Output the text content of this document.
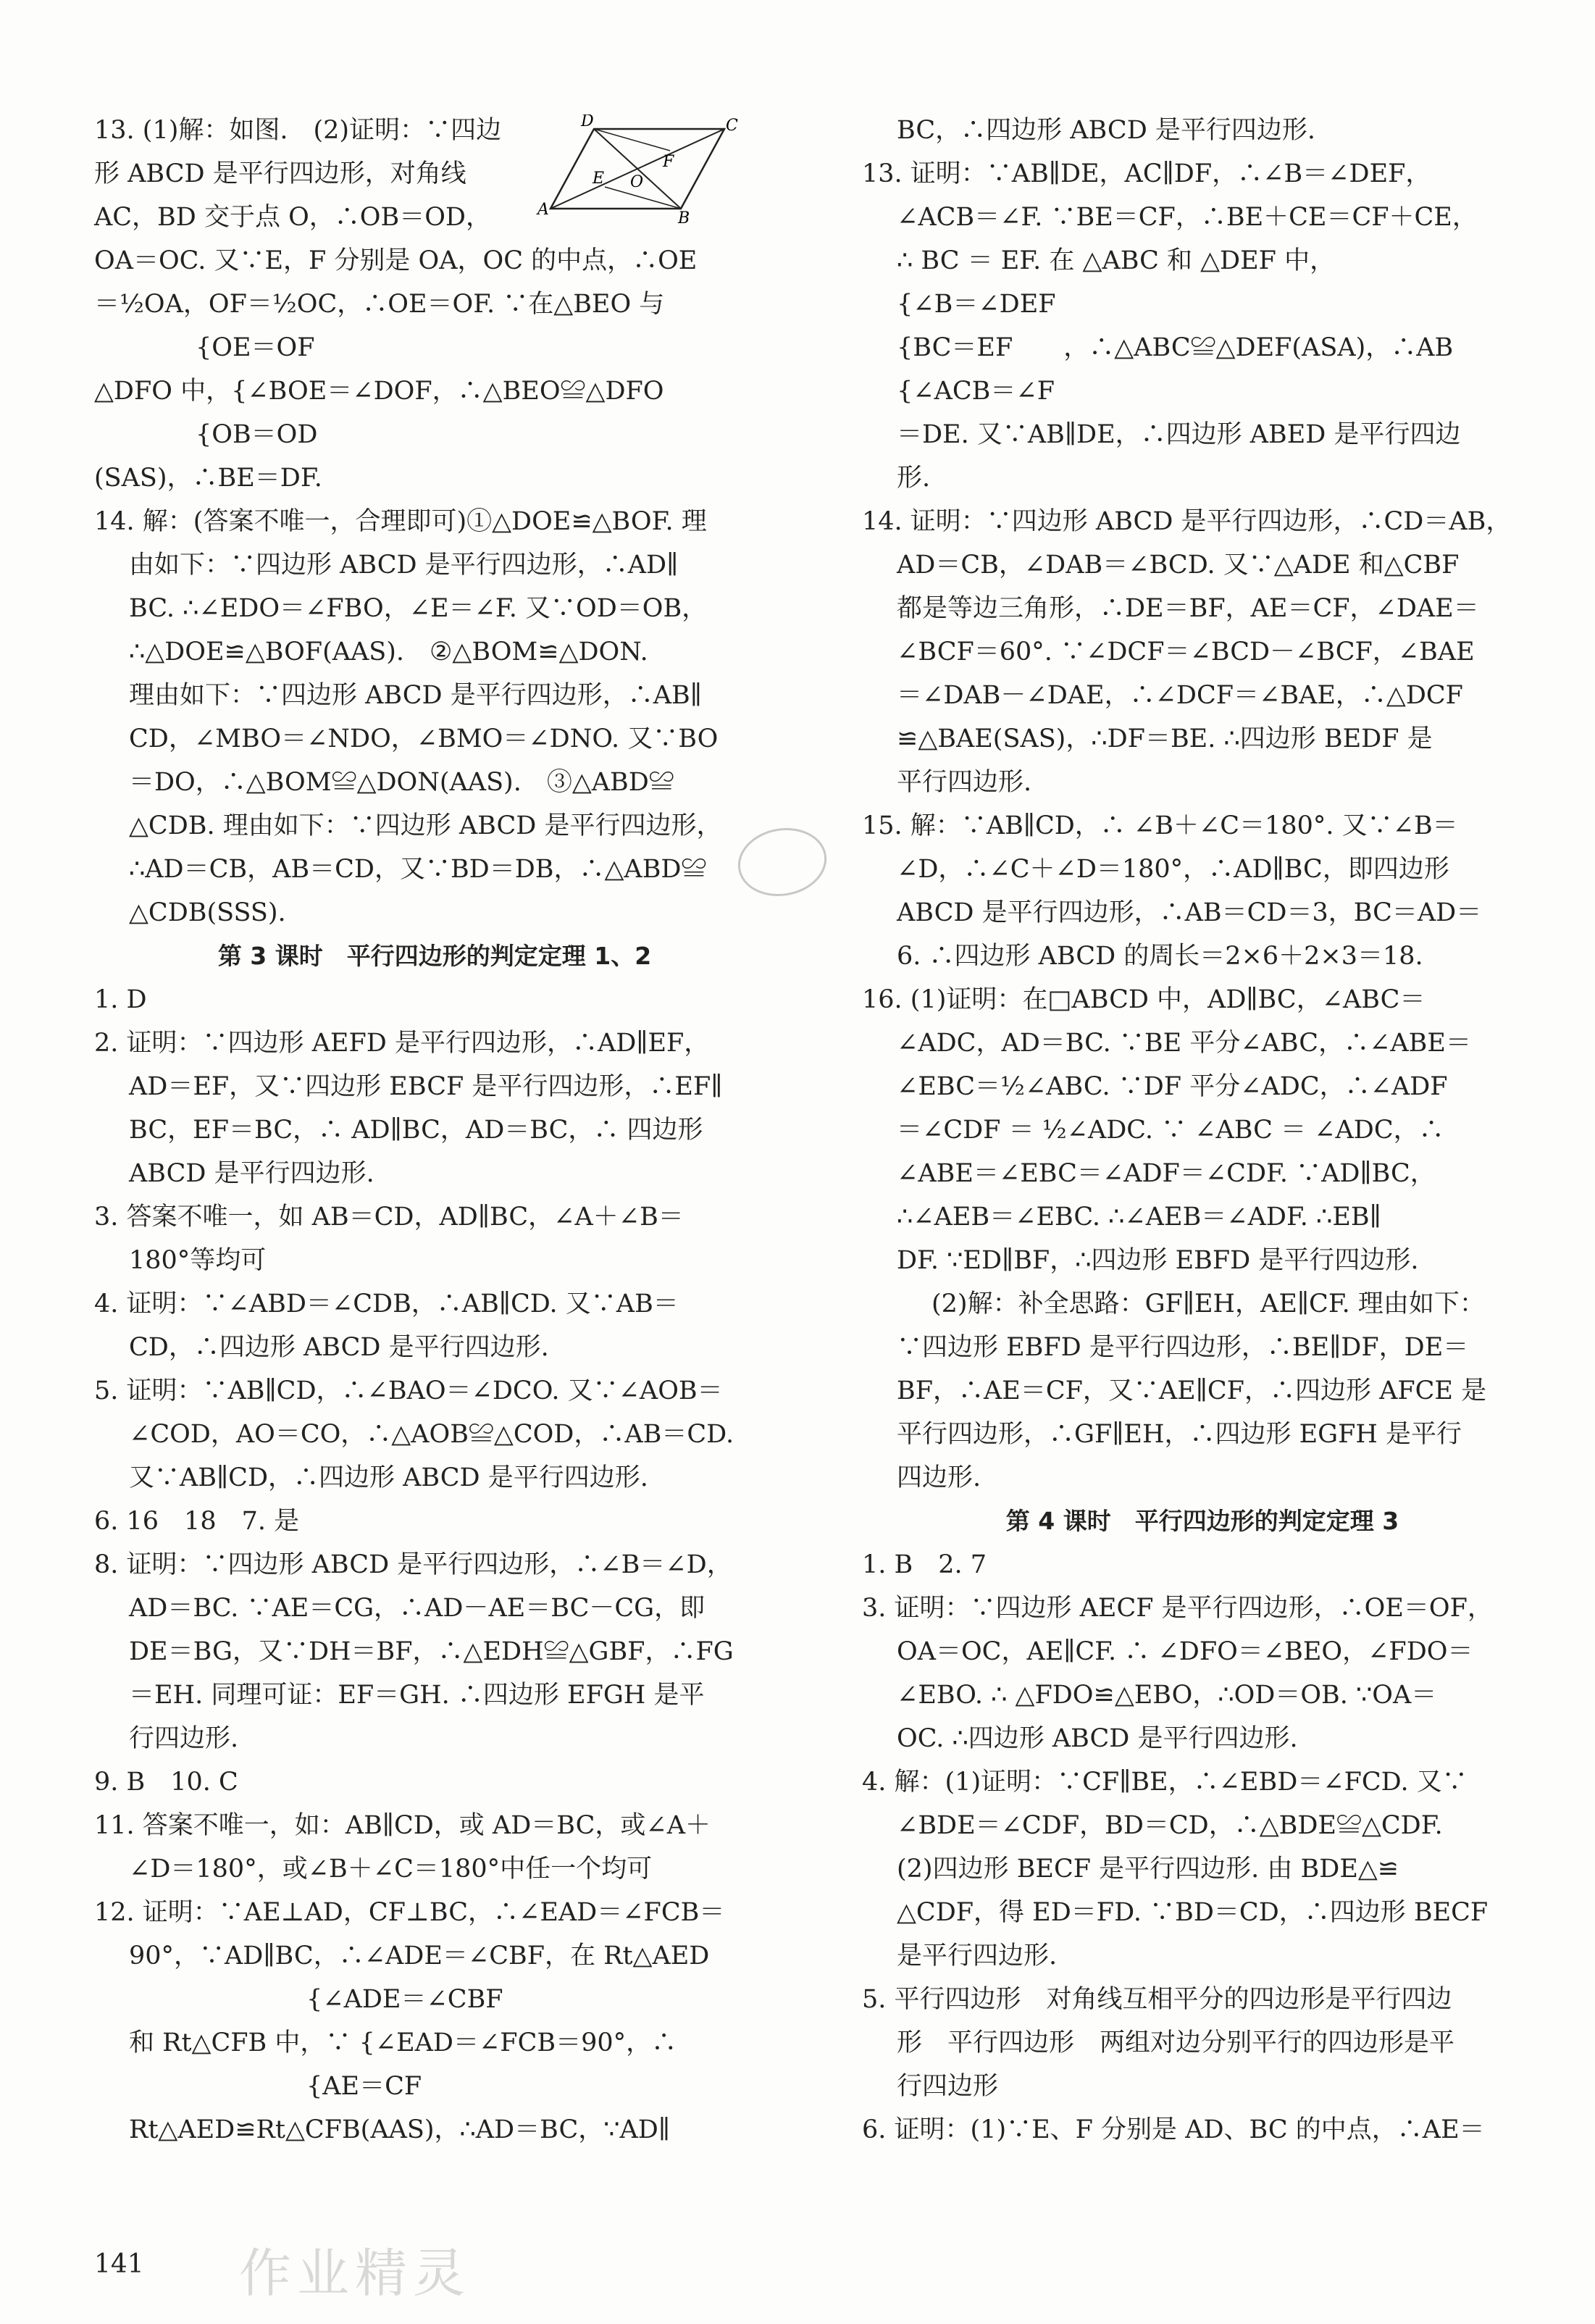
13. (1)解：如图.　(2)证明：∵四边

形 ABCD 是平行四边形，对角线

AC，BD 交于点 O，∴OB＝OD，

OA＝OC. 又∵E，F 分别是 OA，OC 的中点，∴OE

＝½OA，OF＝½OC，∴OE＝OF. ∵在△BEO 与

　　　　{OE＝OF

△DFO 中，{∠BOE＝∠DOF，∴△BEO≌△DFO

　　　　{OB＝OD

(SAS)，∴BE＝DF.

14. 解：(答案不唯一，合理即可)①△DOE≌△BOF. 理

由如下：∵四边形 ABCD 是平行四边形，∴AD∥

BC. ∴∠EDO＝∠FBO，∠E＝∠F. 又∵OD＝OB，

∴△DOE≌△BOF(AAS).　②△BOM≌△DON.

理由如下：∵四边形 ABCD 是平行四边形，∴AB∥

CD，∠MBO＝∠NDO，∠BMO＝∠DNO. 又∵BO

＝DO，∴△BOM≌△DON(AAS).　③△ABD≌

△CDB. 理由如下：∵四边形 ABCD 是平行四边形，

∴AD＝CB，AB＝CD，又∵BD＝DB，∴△ABD≌

△CDB(SSS).

第 3 课时　平行四边形的判定定理 1、2

1. D

2. 证明：∵四边形 AEFD 是平行四边形，∴AD∥EF，

AD＝EF，又∵四边形 EBCF 是平行四边形，∴EF∥

BC，EF＝BC，∴ AD∥BC，AD＝BC，∴ 四边形

ABCD 是平行四边形.

3. 答案不唯一，如 AB＝CD，AD∥BC，∠A＋∠B＝

180°等均可

4. 证明：∵∠ABD＝∠CDB，∴AB∥CD. 又∵AB＝

CD，∴四边形 ABCD 是平行四边形.

5. 证明：∵AB∥CD，∴∠BAO＝∠DCO. 又∵∠AOB＝

∠COD，AO＝CO，∴△AOB≌△COD，∴AB＝CD.

又∵AB∥CD，∴四边形 ABCD 是平行四边形.

6. 16　18　7. 是

8. 证明：∵四边形 ABCD 是平行四边形，∴∠B＝∠D，

AD＝BC. ∵AE＝CG，∴AD－AE＝BC－CG，即

DE＝BG，又∵DH＝BF，∴△EDH≌△GBF，∴FG

＝EH. 同理可证：EF＝GH. ∴四边形 EFGH 是平

行四边形.

9. B　10. C

11. 答案不唯一，如：AB∥CD，或 AD＝BC，或∠A＋

∠D＝180°，或∠B＋∠C＝180°中任一个均可

12. 证明：∵AE⊥AD，CF⊥BC，∴∠EAD＝∠FCB＝

90°，∵AD∥BC，∴∠ADE＝∠CBF，在 Rt△AED

　　　　　　　{∠ADE＝∠CBF

和 Rt△CFB 中，∵ {∠EAD＝∠FCB＝90°，∴

　　　　　　　{AE＝CF

Rt△AED≌Rt△CFB(AAS)，∴AD＝BC，∵AD∥

BC，∴四边形 ABCD 是平行四边形.

13. 证明：∵AB∥DE，AC∥DF，∴∠B＝∠DEF，

∠ACB＝∠F. ∵BE＝CF，∴BE＋CE＝CF＋CE，

∴ BC ＝ EF. 在 △ABC 和 △DEF 中，

{∠B＝∠DEF

{BC＝EF　　，∴△ABC≌△DEF(ASA)，∴AB

{∠ACB＝∠F

＝DE. 又∵AB∥DE，∴四边形 ABED 是平行四边

形.

14. 证明：∵四边形 ABCD 是平行四边形，∴CD＝AB，

AD＝CB，∠DAB＝∠BCD. 又∵△ADE 和△CBF

都是等边三角形，∴DE＝BF，AE＝CF，∠DAE＝

∠BCF＝60°. ∵∠DCF＝∠BCD－∠BCF，∠BAE

＝∠DAB－∠DAE，∴∠DCF＝∠BAE，∴△DCF

≌△BAE(SAS)，∴DF＝BE. ∴四边形 BEDF 是

平行四边形.

15. 解：∵AB∥CD，∴ ∠B＋∠C＝180°. 又∵∠B＝

∠D，∴∠C＋∠D＝180°，∴AD∥BC，即四边形

ABCD 是平行四边形，∴AB＝CD＝3，BC＝AD＝

6. ∴四边形 ABCD 的周长＝2×6＋2×3＝18.

16. (1)证明：在□ABCD 中，AD∥BC，∠ABC＝

∠ADC，AD＝BC. ∵BE 平分∠ABC，∴∠ABE＝

∠EBC＝½∠ABC. ∵DF 平分∠ADC，∴∠ADF

＝∠CDF ＝ ½∠ADC. ∵ ∠ABC ＝ ∠ADC，∴

∠ABE＝∠EBC＝∠ADF＝∠CDF. ∵AD∥BC，

∴∠AEB＝∠EBC. ∴∠AEB＝∠ADF. ∴EB∥

DF. ∵ED∥BF，∴四边形 EBFD 是平行四边形.

(2)解：补全思路：GF∥EH，AE∥CF. 理由如下：

∵四边形 EBFD 是平行四边形，∴BE∥DF，DE＝

BF，∴AE＝CF，又∵AE∥CF，∴四边形 AFCE 是

平行四边形，∴GF∥EH，∴四边形 EGFH 是平行

四边形.

第 4 课时　平行四边形的判定定理 3

1. B　2. 7

3. 证明：∵四边形 AECF 是平行四边形，∴OE＝OF，

OA＝OC，AE∥CF. ∴ ∠DFO＝∠BEO，∠FDO＝

∠EBO. ∴ △FDO≌△EBO，∴OD＝OB. ∵OA＝

OC. ∴四边形 ABCD 是平行四边形.

4. 解：(1)证明：∵CF∥BE，∴∠EBD＝∠FCD. 又∵

∠BDE＝∠CDF，BD＝CD，∴△BDE≌△CDF.

(2)四边形 BECF 是平行四边形. 由 BDE△≌

△CDF，得 ED＝FD. ∵BD＝CD，∴四边形 BECF

是平行四边形.

5. 平行四边形　对角线互相平分的四边形是平行四边

形　平行四边形　两组对边分别平行的四边形是平

行四边形

6. 证明：(1)∵E、F 分别是 AD、BC 的中点，∴AE＝

A	B
C
D
E O
F
141 作业精灵
